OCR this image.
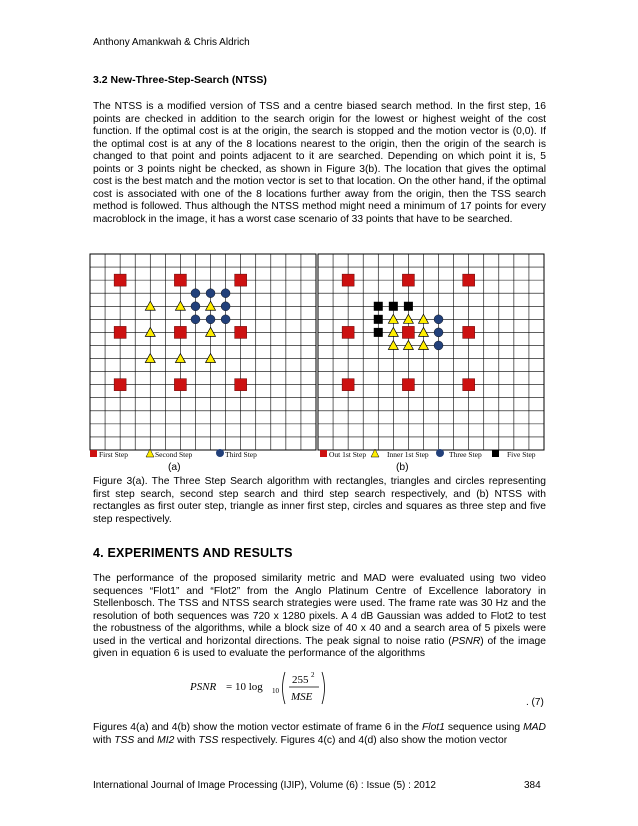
Anthony Amankwah & Chris Aldrich
3.2 New-Three-Step-Search (NTSS)
The NTSS is a modified version of TSS and a centre biased search method. In the first step, 16 points are checked in addition to the search origin for the lowest or highest weight of the cost function. If the optimal cost is at the origin, the search is stopped and the motion vector is (0,0). If the optimal cost is at any of the 8 locations nearest to the origin, then the origin of the search is changed to that point and points adjacent to it are searched. Depending on which point it is, 5 points or 3 points night be checked, as shown in Figure 3(b). The location that gives the optimal cost is the best match and the motion vector is set to that location. On the other hand, if the optimal cost is associated with one of the 8 locations further away from the origin, then the TSS search method is followed. Thus although the NTSS method might need a minimum of 17 points for every macroblock in the image, it has a worst case scenario of 33 points that have to be searched.
First Step	Second Step	Third Step	Out 1st Step	Inner 1st Step	Three Step	Five Step
(a)	(b)
Figure 3(a). The Three Step Search algorithm with rectangles, triangles and circles representing first step search, second step search and third step search respectively, and (b) NTSS with rectangles as first outer step, triangle as inner first step, circles and squares as three step and five step respectively.
4. EXPERIMENTS AND RESULTS
The performance of the proposed similarity metric and MAD were evaluated using two video sequences “Flot1” and “Flot2” from the Anglo Platinum Centre of Excellence laboratory in Stellenbosch. The TSS and NTSS search strategies were used. The frame rate was 30 Hz and the resolution of both sequences was 720 x 1280 pixels. A 4 dB Gaussian was added to Flot2 to test the robustness of the algorithms, while a block size of 40 x 40 and a search area of 5 pixels were used in the vertical and horizontal directions. The peak signal to noise ratio (PSNR) of the image given in equation 6 is used to evaluate the performance of the algorithms
PSNR = 10 log 10
255 2
MSE	. (7)
Figures 4(a) and 4(b) show the motion vector estimate of frame 6 in the Flot1 sequence using MAD with TSS and MI2 with TSS respectively. Figures 4(c) and 4(d) also show the motion vector
International Journal of Image Processing (IJIP), Volume (6) : Issue (5) : 2012	384
